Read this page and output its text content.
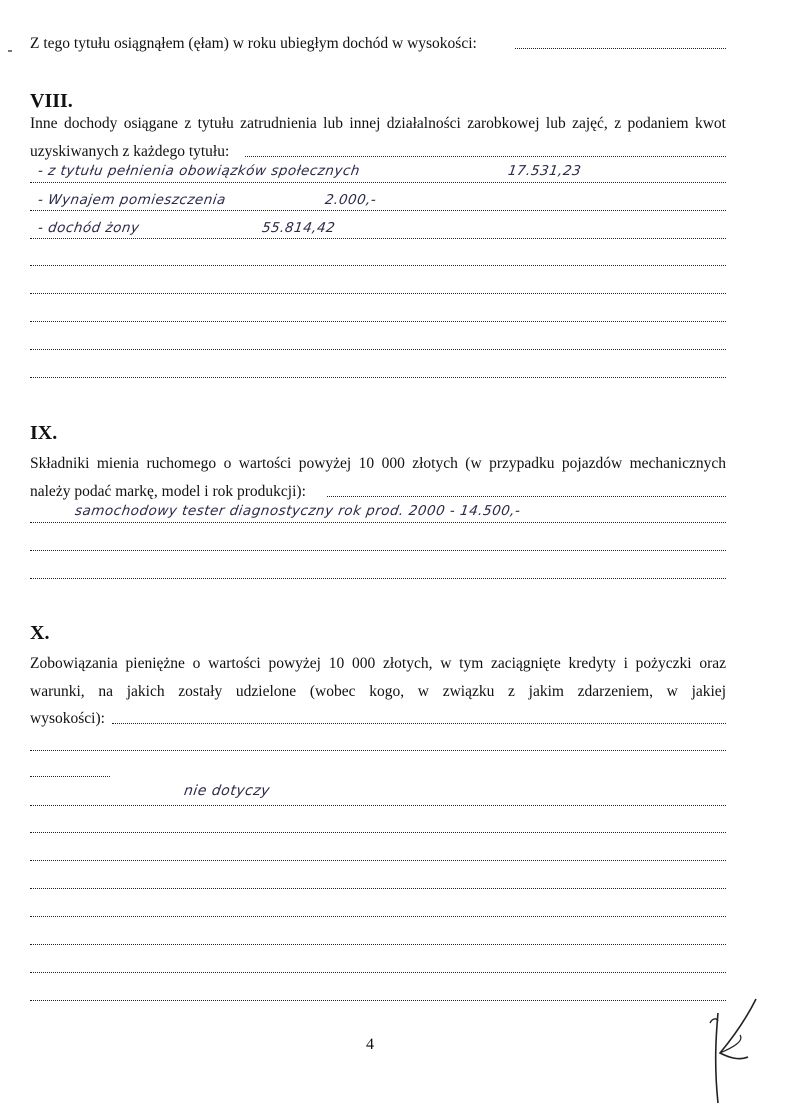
Z tego tytułu osiągnąłem (ęłam) w roku ubiegłym dochód w wysokości:
VIII.
Inne dochody osiągane z tytułu zatrudnienia lub innej działalności zarobkowej lub zajęć, z podaniem kwot
uzyskiwanych z każdego tytułu:
- z tytułu pełnienia obowiązków społecznych	17.531,23
- Wynajem pomieszczenia	2.000,-
- dochód żony	55.814,42
IX.
Składniki mienia ruchomego o wartości powyżej 10 000 złotych (w przypadku pojazdów mechanicznych
należy podać markę, model i rok produkcji):
samochodowy tester diagnostyczny rok prod. 2000 - 14.500,-
X.
Zobowiązania pieniężne o wartości powyżej 10 000 złotych, w tym zaciągnięte kredyty i pożyczki oraz
warunki, na jakich zostały udzielone (wobec kogo, w związku z jakim zdarzeniem, w jakiej
wysokości):
nie dotyczy
4
